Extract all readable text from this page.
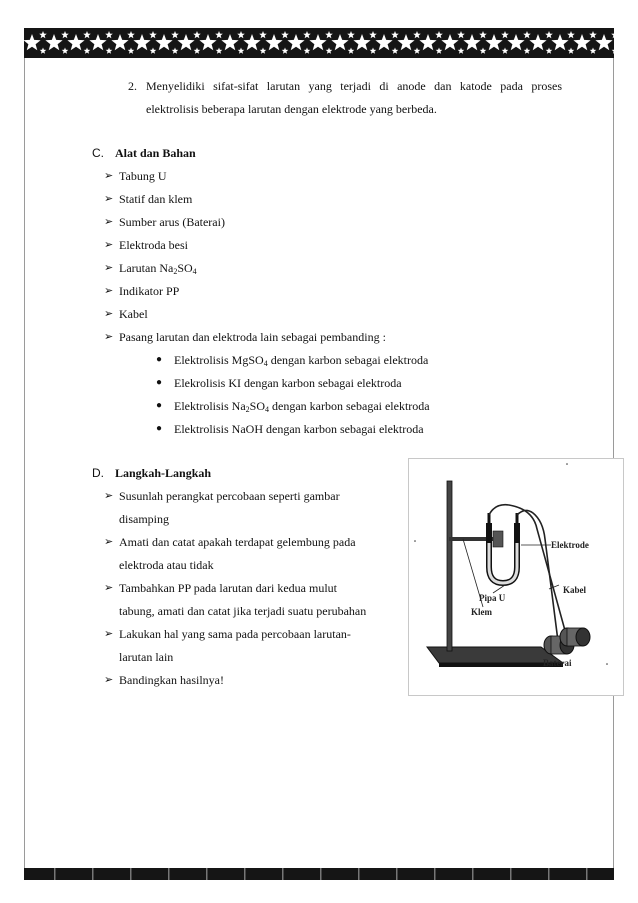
2. Menyelidiki sifat-sifat larutan yang terjadi di anode dan katode pada proses
elektrolisis beberapa larutan dengan elektrode yang berbeda.
C. Alat dan Bahan
➢ Tabung U
➢ Statif dan klem
➢ Sumber arus (Baterai)
➢ Elektroda besi
➢ Larutan $Na_2SO_4$
➢ Indikator PP
➢ Kabel
➢ Pasang larutan dan elektroda lain sebagai pembanding :
● Elektrolisis MgSO$_4$ dengan karbon sebagai elektroda
● Elekrolisis KI dengan karbon sebagai elektroda
● Elektrolisis $Na_2SO_4$ dengan karbon sebagai elektroda
● Elektrolisis NaOH dengan karbon sebagai elektroda
D. Langkah-Langkah
➢ Susunlah perangkat percobaan seperti gambar
disamping
➢ Amati dan catat apakah terdapat gelembung pada
elektroda atau tidak
➢ Tambahkan PP pada larutan dari kedua mulut
tabung, amati dan catat jika terjadi suatu perubahan
➢ Lakukan hal yang sama pada percobaan larutan-
larutan lain
➢ Bandingkan hasilnya!
Elektrode
Pipa U
Kabel
Klem
Baterai
